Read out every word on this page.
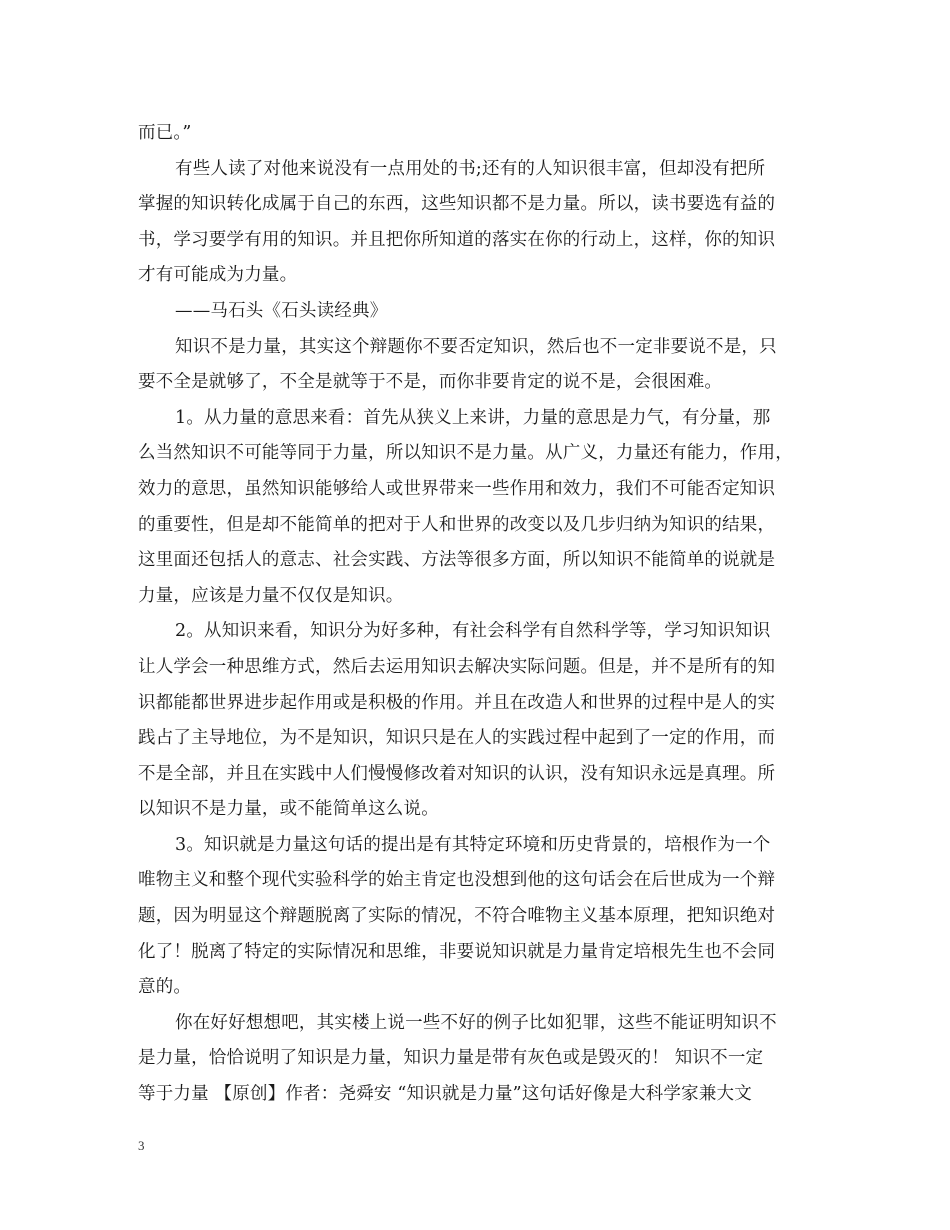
而已。”
有些人读了对他来说没有一点用处的书;还有的人知识很丰富，但却没有把所
掌握的知识转化成属于自己的东西，这些知识都不是力量。所以，读书要选有益的
书，学习要学有用的知识。并且把你所知道的落实在你的行动上，这样，你的知识
才有可能成为力量。
——马石头《石头读经典》
知识不是力量，其实这个辩题你不要否定知识，然后也不一定非要说不是，只
要不全是就够了，不全是就等于不是，而你非要肯定的说不是，会很困难。
1。从力量的意思来看：首先从狭义上来讲，力量的意思是力气，有分量，那
么当然知识不可能等同于力量，所以知识不是力量。从广义，力量还有能力，作用，
效力的意思，虽然知识能够给人或世界带来一些作用和效力，我们不可能否定知识
的重要性，但是却不能简单的把对于人和世界的改变以及几步归纳为知识的结果，
这里面还包括人的意志、社会实践、方法等很多方面，所以知识不能简单的说就是
力量，应该是力量不仅仅是知识。
2。从知识来看，知识分为好多种，有社会科学有自然科学等，学习知识知识
让人学会一种思维方式，然后去运用知识去解决实际问题。但是，并不是所有的知
识都能都世界进步起作用或是积极的作用。并且在改造人和世界的过程中是人的实
践占了主导地位，为不是知识，知识只是在人的实践过程中起到了一定的作用，而
不是全部，并且在实践中人们慢慢修改着对知识的认识，没有知识永远是真理。所
以知识不是力量，或不能简单这么说。
3。知识就是力量这句话的提出是有其特定环境和历史背景的，培根作为一个
唯物主义和整个现代实验科学的始主肯定也没想到他的这句话会在后世成为一个辩
题，因为明显这个辩题脱离了实际的情况，不符合唯物主义基本原理，把知识绝对
化了！脱离了特定的实际情况和思维，非要说知识就是力量肯定培根先生也不会同
意的。
你在好好想想吧，其实楼上说一些不好的例子比如犯罪，这些不能证明知识不
是力量，恰恰说明了知识是力量，知识力量是带有灰色或是毁灭的！ 知识不一定
等于力量 【原创】作者：尧舜安 “知识就是力量”这句话好像是大科学家兼大文
3
